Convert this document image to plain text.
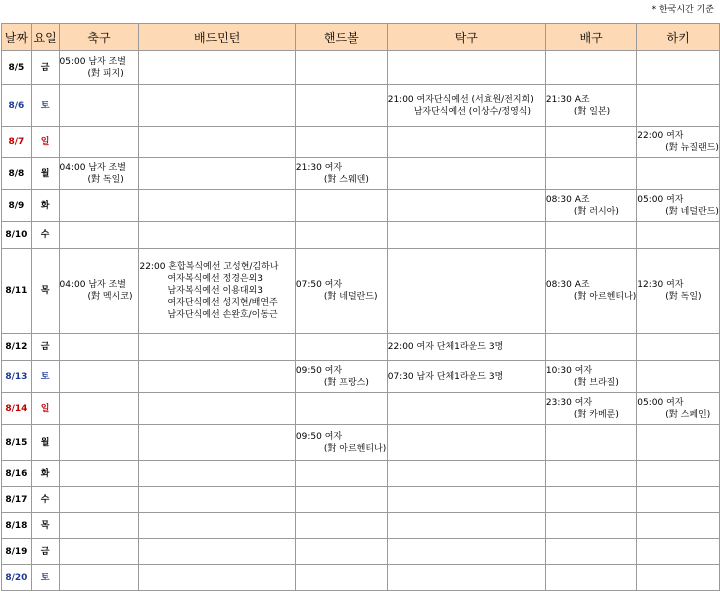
* 한국시간 기준
날짜	요일	축구	배드민턴	핸드볼	탁구	배구	하키
8/5	금	05:00 남자 조별
(對 피지)					

8/6	토				21:00 여자단식예선 (서효원/전지희)
남자단식예선 (이상수/정영식)	21:30 A조
(對 일본)	

8/7	일						22:00 여자
(對 뉴질랜드)

8/8	월	04:00 남자 조별
(對 독일)		21:30 여자
(對 스웨덴)			

8/9	화					08:30 A조
(對 러시아)	05:00 여자
(對 네덜란드)

8/10	수						
8/11	목	04:00 남자 조별
(對 멕시코)	22:00 혼합복식예선 고성현/김하나
여자복식예선 정경은외3
남자복식예선 이용대외3
여자단식예선 성지현/배연주
남자단식예선 손완호/이동근	07:50 여자
(對 네덜란드)		08:30 A조
(對 아르헨티나)	12:30 여자
(對 독일)

8/12	금				22:00 여자 단체1라운드 3명		

8/13	토			09:50 여자
(對 프랑스)	07:30 남자 단체1라운드 3명	10:30 여자
(對 브라질)	

8/14	일					23:30 여자
(對 카메룬)	05:00 여자
(對 스페인)

8/15	월			09:50 여자
(對 아르헨티나)			

8/16	화						
8/17	수						
8/18	목						
8/19	금						
8/20	토						
